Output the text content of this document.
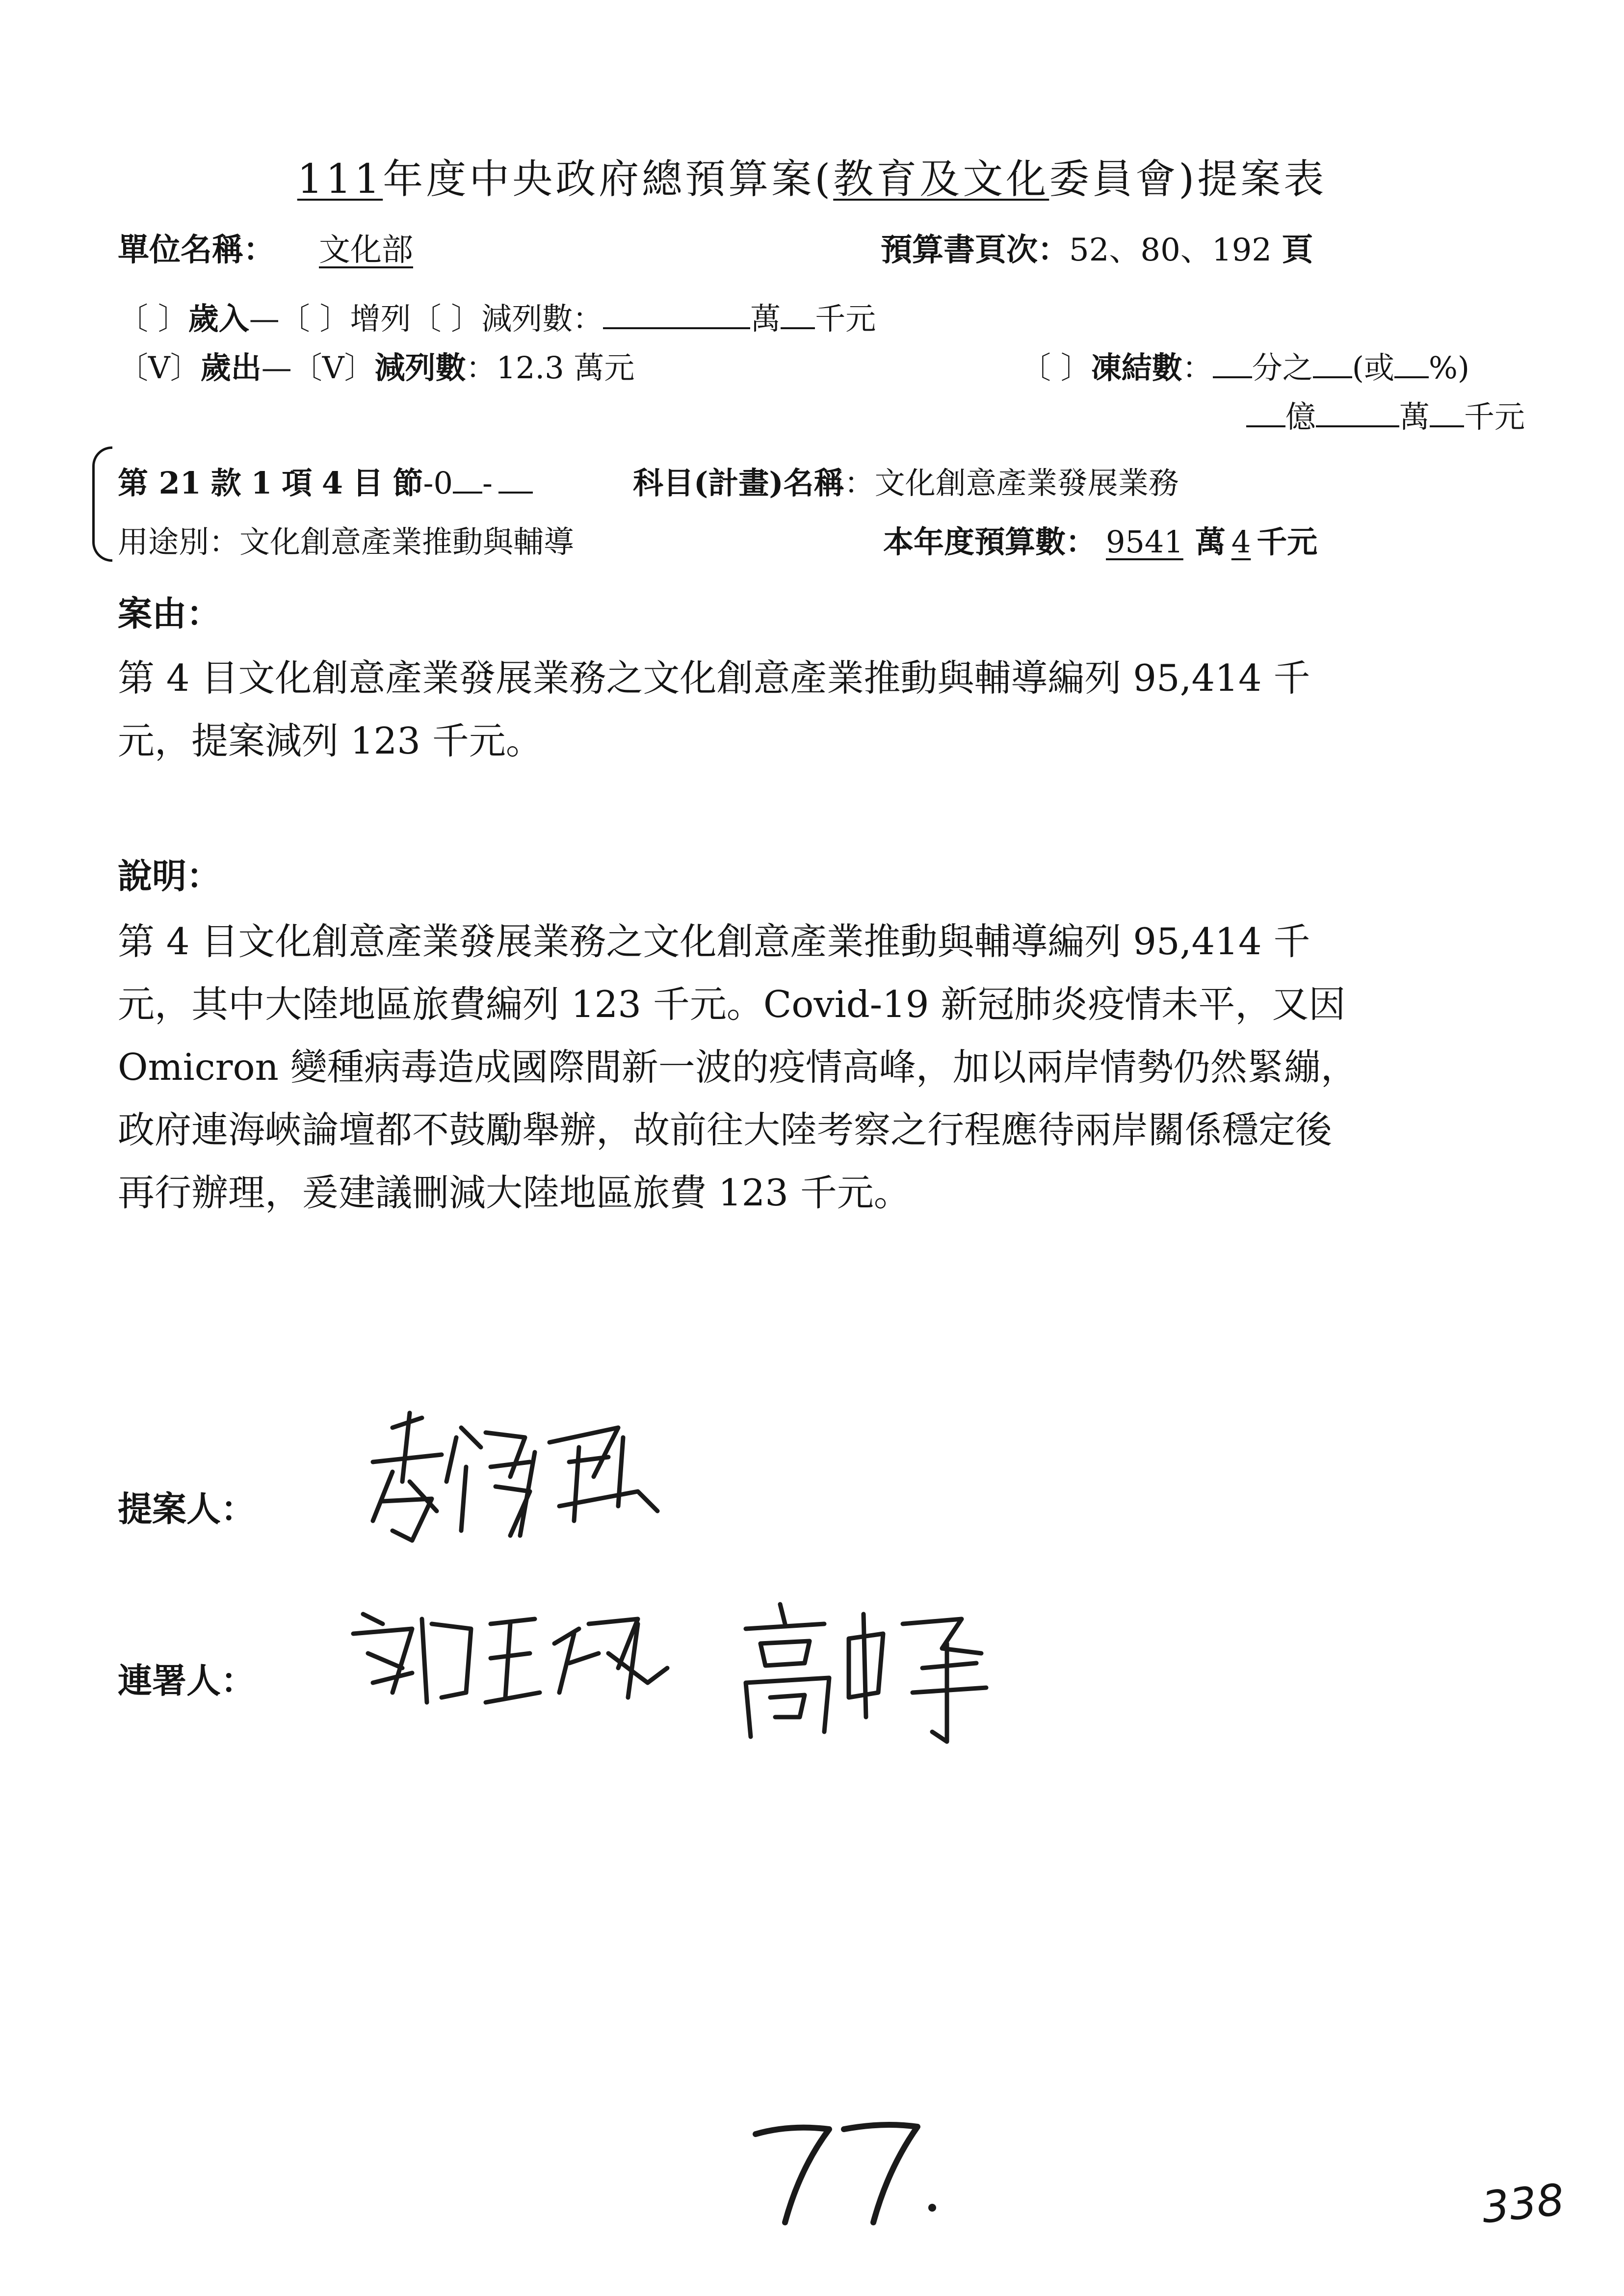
111年度中央政府總預算案(教育及文化委員會)提案表
單位名稱： 文化部	預算書頁次：52、80、192 頁
〔 〕歲入—〔 〕增列〔 〕減列數：	萬 千元
〔V〕歲出—〔V〕減列數：12.3 萬元	〔 〕凍結數： 分之 (或 %)
億	萬 千元
第 21 款 1 項 4 目 節-0 -	科目(計畫)名稱：文化創意產業發展業務
用途別：文化創意產業推動與輔導	本年度預算數： 9541 萬 4 千元
案由：
第 4 目文化創意產業發展業務之文化創意產業推動與輔導編列 95,414 千
元，提案減列 123 千元。
說明：
第 4 目文化創意產業發展業務之文化創意產業推動與輔導編列 95,414 千
元，其中大陸地區旅費編列 123 千元。Covid-19 新冠肺炎疫情未平，又因
Omicron 變種病毒造成國際間新一波的疫情高峰，加以兩岸情勢仍然緊繃，
政府連海峽論壇都不鼓勵舉辦，故前往大陸考察之行程應待兩岸關係穩定後
再行辦理，爰建議刪減大陸地區旅費 123 千元。
提案人：
連署人：
338
